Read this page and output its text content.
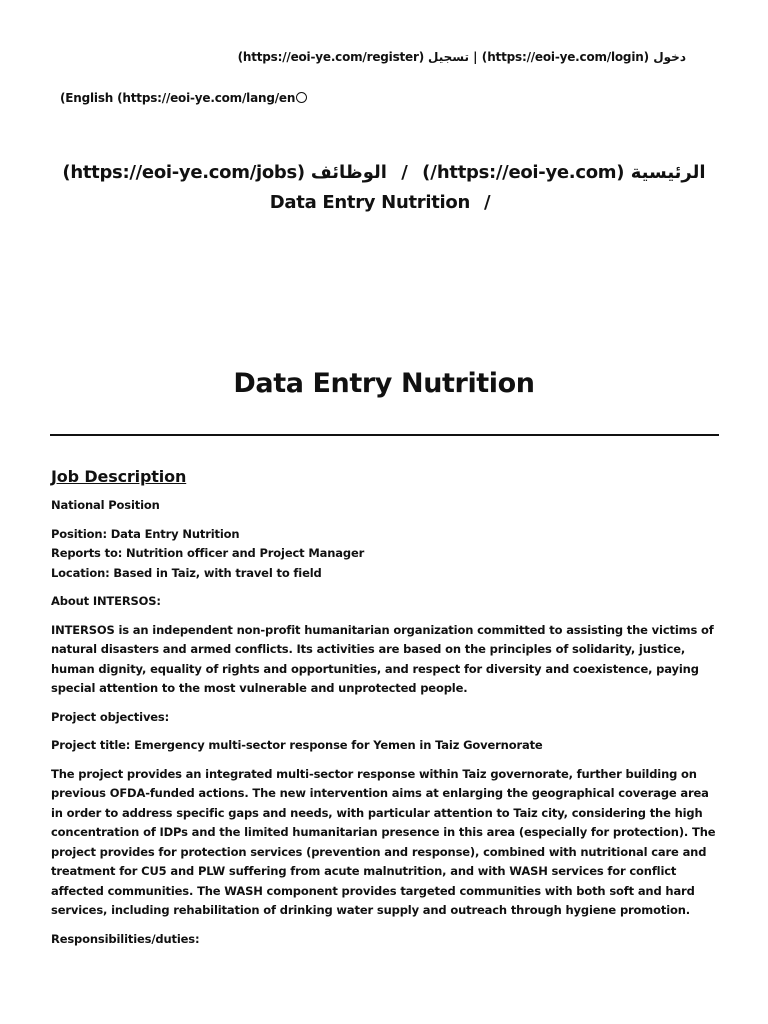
(https://eoi-ye.com/register) تسجيل | (https://eoi-ye.com/login) دخول
(English (https://eoi-ye.com/lang/en
(https://eoi-ye.com/jobs) الوظائف / (/https://eoi-ye.com) الرئيسية
Data Entry Nutrition /
Data Entry Nutrition
Job Description

National Position

Position: Data Entry Nutrition
Reports to: Nutrition officer and Project Manager
Location: Based in Taiz, with travel to field

About INTERSOS:

INTERSOS is an independent non-profit humanitarian organization committed to assisting the victims of natural disasters and armed conflicts. Its activities are based on the principles of solidarity, justice, human dignity, equality of rights and opportunities, and respect for diversity and coexistence, paying special attention to the most vulnerable and unprotected people.

Project objectives:

Project title: Emergency multi-sector response for Yemen in Taiz Governorate

The project provides an integrated multi-sector response within Taiz governorate, further building on previous OFDA-funded actions. The new intervention aims at enlarging the geographical coverage area in order to address specific gaps and needs, with particular attention to Taiz city, considering the high concentration of IDPs and the limited humanitarian presence in this area (especially for protection). The project provides for protection services (prevention and response), combined with nutritional care and treatment for CU5 and PLW suffering from acute malnutrition, and with WASH services for conflict affected communities. The WASH component provides targeted communities with both soft and hard services, including rehabilitation of drinking water supply and outreach through hygiene promotion.

Responsibilities/duties:
